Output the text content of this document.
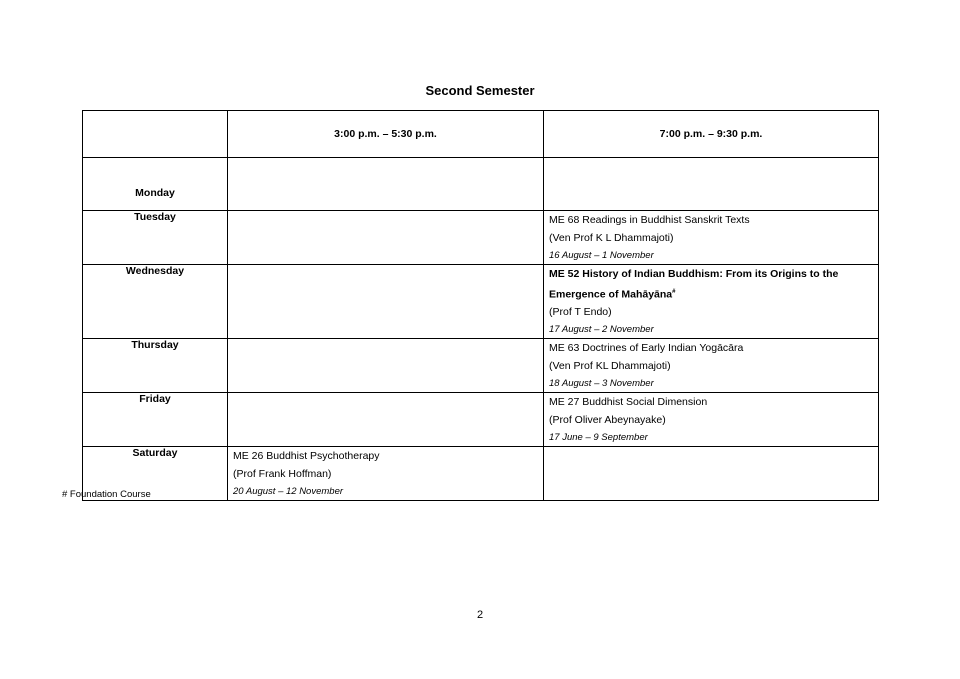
Second Semester
	3:00 p.m. – 5:30 p.m.	7:00 p.m. – 9:30 p.m.
Monday		
Tuesday		ME 68 Readings in Buddhist Sanskrit Texts
(Ven Prof K L Dhammajoti)
16 August – 1 November

Wednesday		ME 52 History of Indian Buddhism: From its Origins to the Emergence of Mahāyāna#
(Prof T Endo)
17 August – 2 November

Thursday		ME 63 Doctrines of Early Indian Yogācāra
(Ven Prof KL Dhammajoti)
18 August – 3 November

Friday		ME 27 Buddhist Social Dimension
(Prof Oliver Abeynayake)
17 June – 9 September

Saturday	ME 26 Buddhist Psychotherapy
(Prof Frank Hoffman)
20 August – 12 November	

# Foundation Course
2
